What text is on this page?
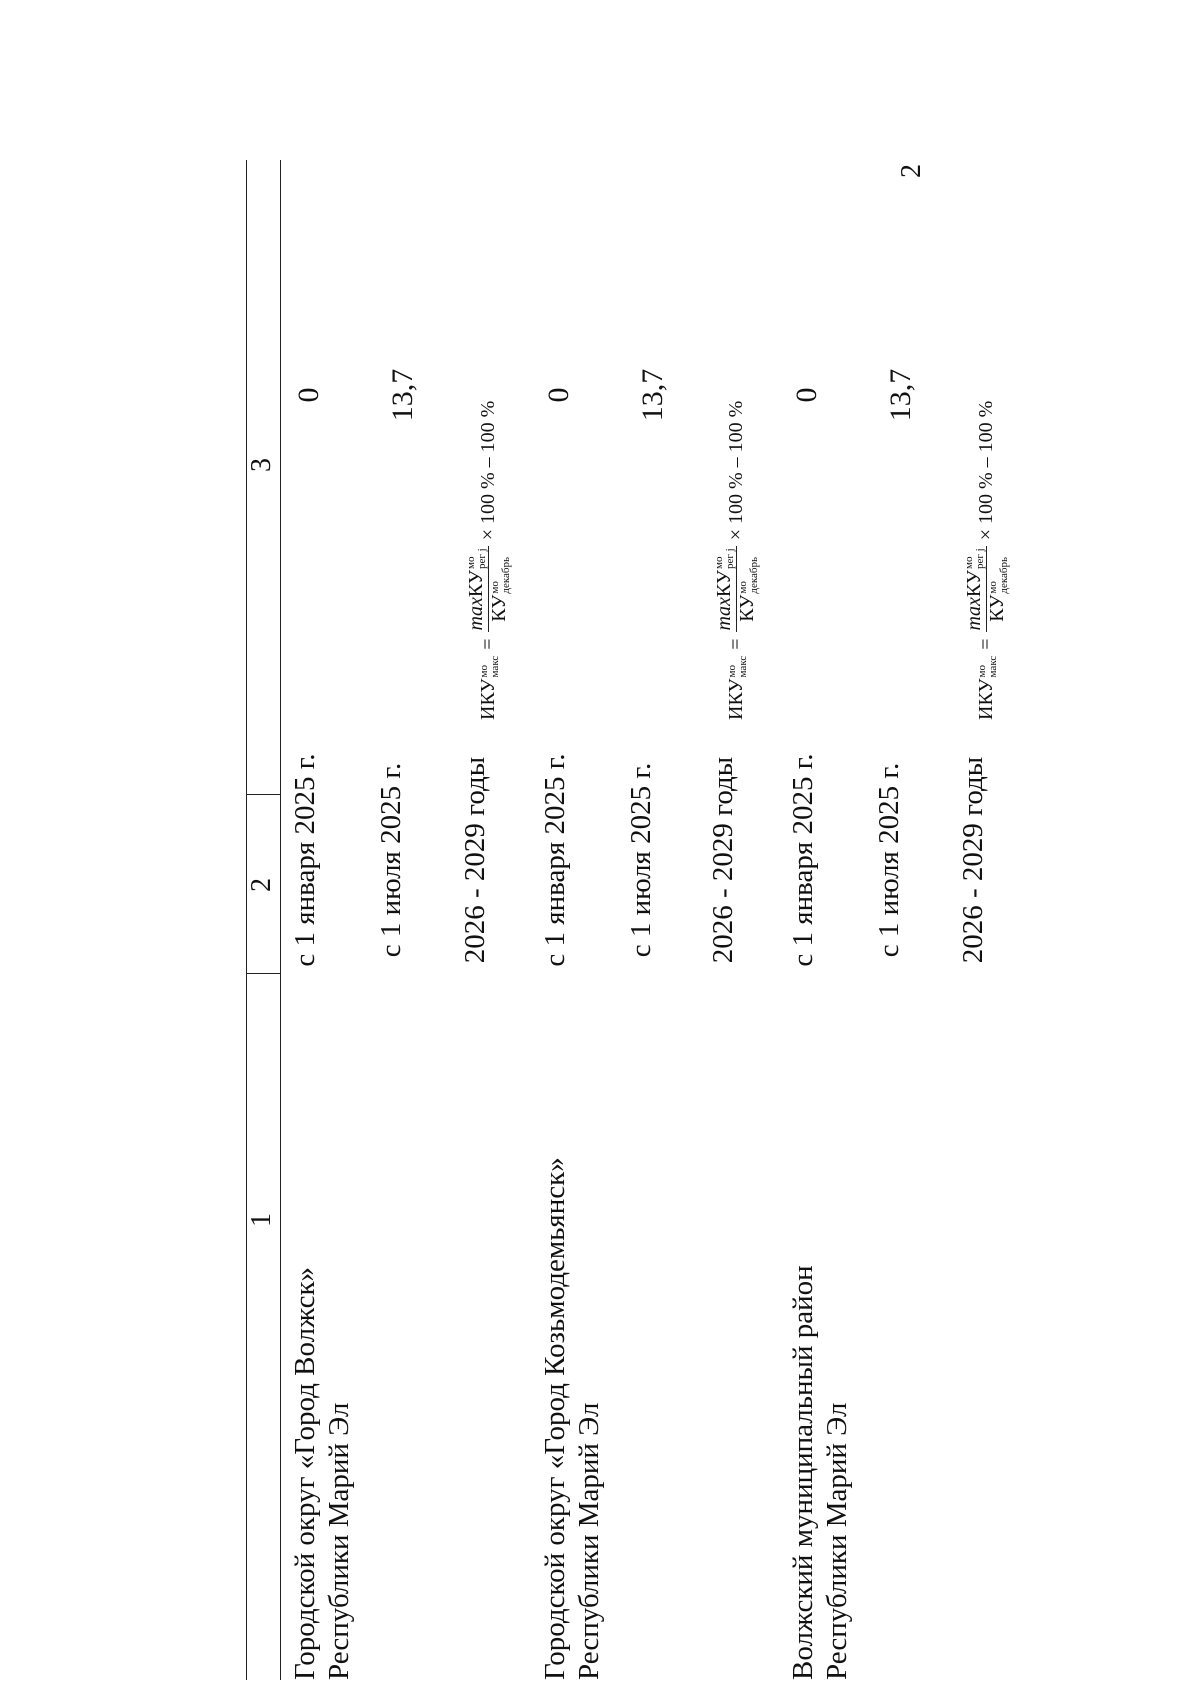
2
1
2
3
Городской округ «Город Волжск» Республики Марий Эл
с 1 января 2025 г.
0
с 1 июля 2025 г.
13,7
2026 - 2029 годы
ИКУ
мо макс
=
maxКУ
мо рег j
КУ
мо декабрь
× 100 % – 100 %
Городской округ «Город Козьмодемьянск» Республики Марий Эл
с 1 января 2025 г.
0
с 1 июля 2025 г.
13,7
2026 - 2029 годы
ИКУ
мо макс
=
maxКУ
мо рег j
КУ
мо декабрь
× 100 % – 100 %
Волжский муниципальный район Республики Марий Эл
с 1 января 2025 г.
0
с 1 июля 2025 г.
13,7
2026 - 2029 годы
ИКУ
мо макс
=
maxКУ
мо рег j
КУ
мо декабрь
× 100 % – 100 %
